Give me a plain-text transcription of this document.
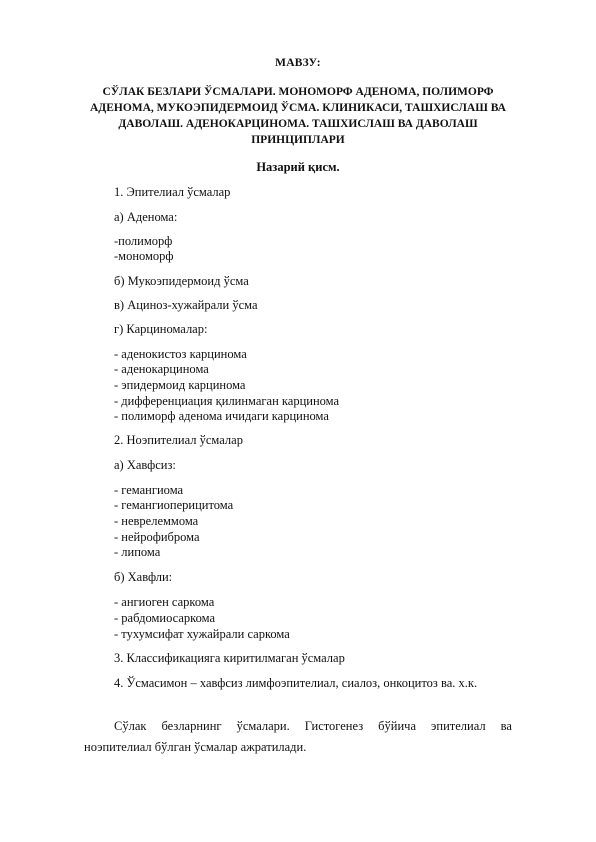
МАВЗУ:
СЎЛАК БЕЗЛАРИ ЎСМАЛАРИ. МОНОМОРФ АДЕНОМА, ПОЛИМОРФ АДЕНОМА, МУКОЭПИДЕРМОИД ЎСМА. КЛИНИКАСИ, ТАШХИСЛАШ ВА ДАВОЛАШ. АДЕНОКАРЦИНОМА. ТАШХИСЛАШ ВА ДАВОЛАШ ПРИНЦИПЛАРИ
Назарий қисм.
1. Эпителиал ўсмалар
а) Аденома:
-полиморф
-мономорф
б) Мукоэпидермоид ўсма
в) Ациноз-хужайрали ўсма
г) Карциномалар:
- аденокистоз карцинома
- аденокарцинома
- эпидермоид карцинома
- дифференциация қилинмаган карцинома
- полиморф аденома ичидаги карцинома
2. Ноэпителиал ўсмалар
а) Хавфсиз:
- гемангиома
- гемангиоперицитома
- неврелеммома
- нейрофиброма
- липома
б) Хавфли:
- ангиоген саркома
- рабдомиосаркома
- тухумсифат хужайрали саркома
3. Классификацияга киритилмаган ўсмалар
4. Ўсмасимон – хавфсиз лимфоэпителиал, сиалоз, онкоцитоз ва. х.к.
Сўлак безларнинг ўсмалари. Гистогенез бўйича эпителиал ва
ноэпителиал бўлган ўсмалар ажратилади.
